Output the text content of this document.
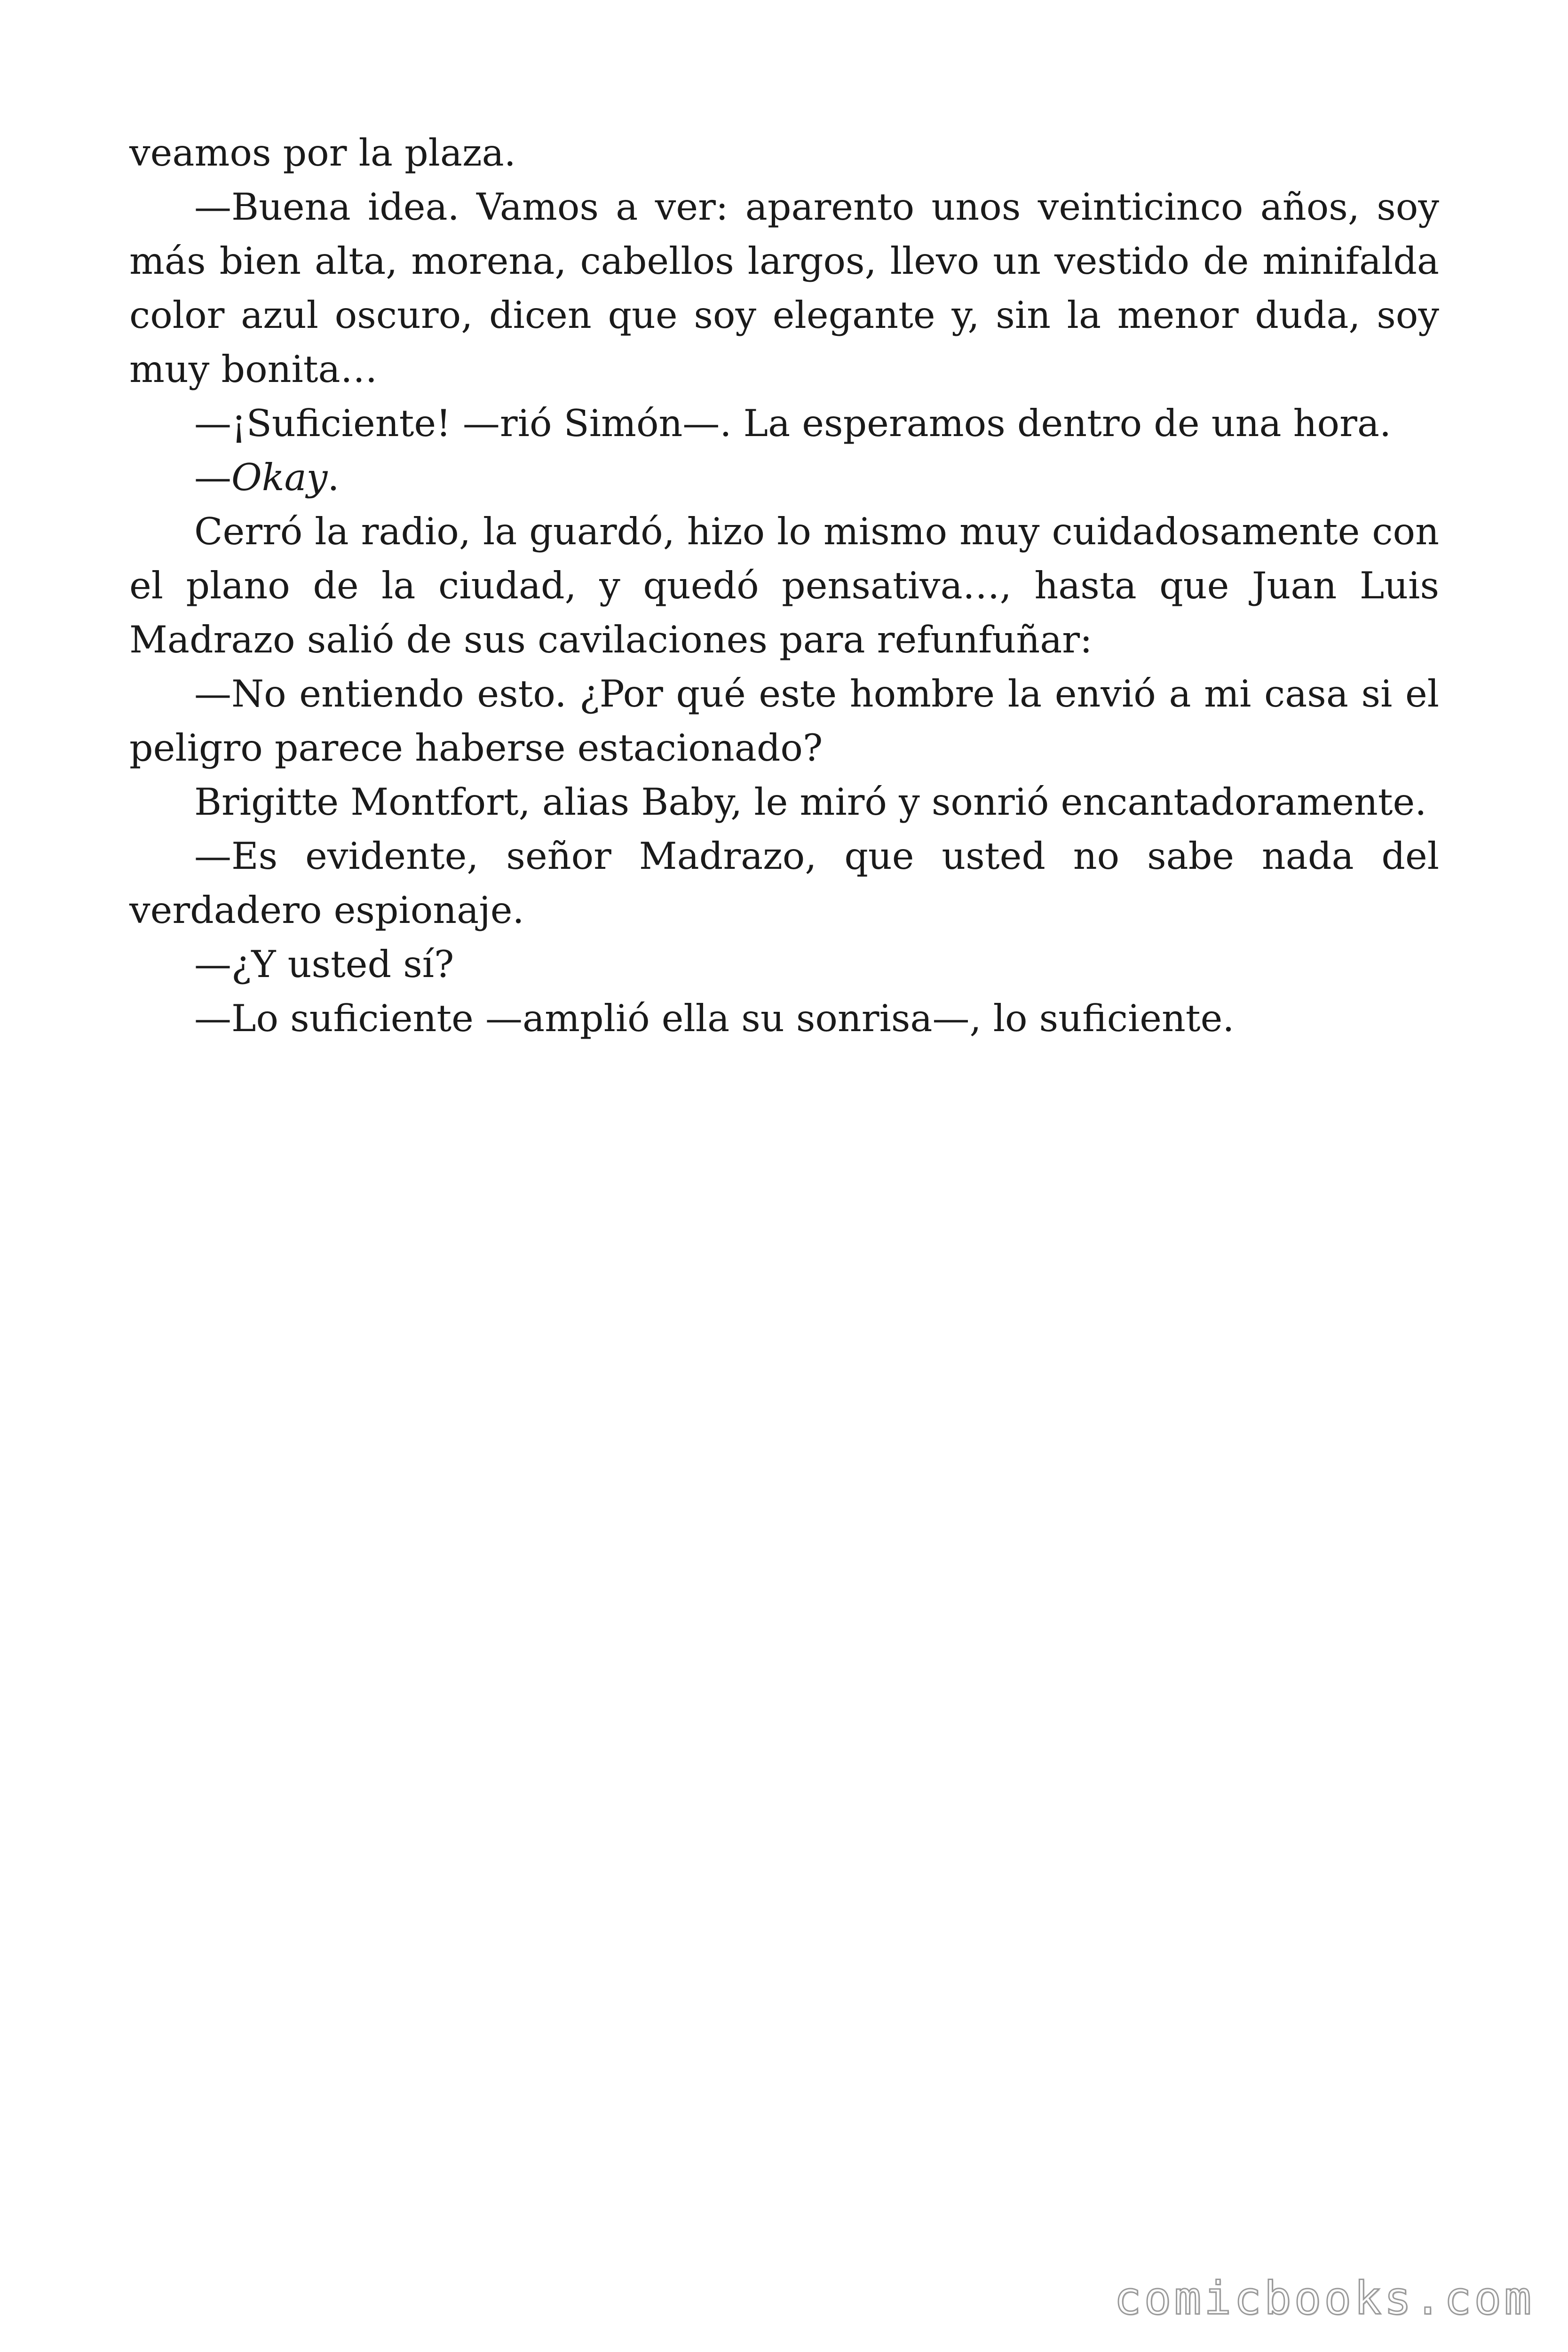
veamos por la plaza.

—Buena idea. Vamos a ver: aparento unos veinticinco años, soy más bien alta, morena, cabellos largos, llevo un vestido de minifalda color azul oscuro, dicen que soy elegante y, sin la menor duda, soy muy bonita…

—¡Suficiente! —rió Simón—. La esperamos dentro de una hora.

—Okay.

Cerró la radio, la guardó, hizo lo mismo muy cuidadosamente con el plano de la ciudad, y quedó pensativa…, hasta que Juan Luis Madrazo salió de sus cavilaciones para refunfuñar:

—No entiendo esto. ¿Por qué este hombre la envió a mi casa si el peligro parece haberse estacionado?

Brigitte Montfort, alias Baby, le miró y sonrió encantadoramente.

—Es evidente, señor Madrazo, que usted no sabe nada del verdadero espionaje.

—¿Y usted sí?

—Lo suficiente —amplió ella su sonrisa—, lo suficiente.

comicbooks.com
